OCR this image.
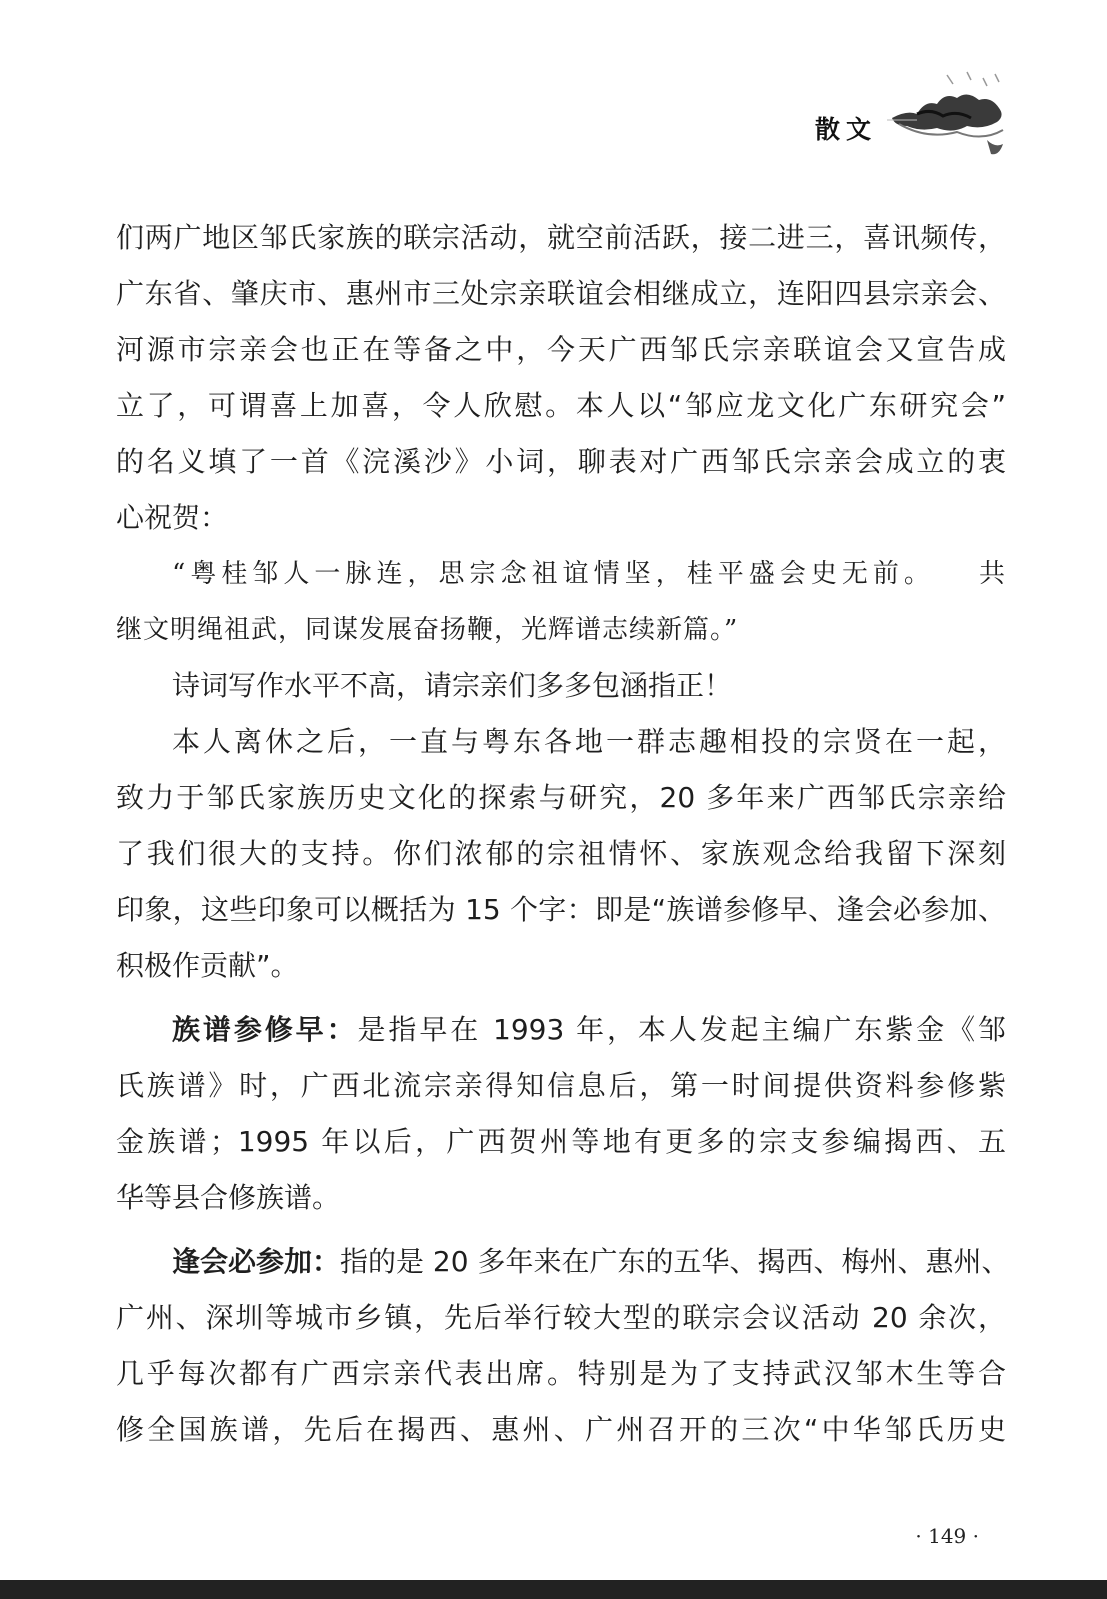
散文
们两广地区邹氏家族的联宗活动，就空前活跃，接二进三，喜讯频传，
广东省、肇庆市、惠州市三处宗亲联谊会相继成立，连阳四县宗亲会、
河源市宗亲会也正在等备之中，今天广西邹氏宗亲联谊会又宣告成
立了，可谓喜上加喜，令人欣慰。本人以“邹应龙文化广东研究会”
的名义填了一首《浣溪沙》小词，聊表对广西邹氏宗亲会成立的衷
心祝贺：
“粤桂邹人一脉连，思宗念祖谊情坚，桂平盛会史无前。 共
继文明绳祖武，同谋发展奋扬鞭，光辉谱志续新篇。”
诗词写作水平不高，请宗亲们多多包涵指正！
本人离休之后，一直与粤东各地一群志趣相投的宗贤在一起，
致力于邹氏家族历史文化的探索与研究，20 多年来广西邹氏宗亲给
了我们很大的支持。你们浓郁的宗祖情怀、家族观念给我留下深刻
印象，这些印象可以概括为 15 个字：即是“族谱参修早、逢会必参加、
积极作贡献”。
族谱参修早：是指早在 1993 年，本人发起主编广东紫金《邹
氏族谱》时，广西北流宗亲得知信息后，第一时间提供资料参修紫
金族谱；1995 年以后，广西贺州等地有更多的宗支参编揭西、五
华等县合修族谱。
逢会必参加：指的是 20 多年来在广东的五华、揭西、梅州、惠州、
广州、深圳等城市乡镇，先后举行较大型的联宗会议活动 20 余次，
几乎每次都有广西宗亲代表出席。特别是为了支持武汉邹木生等合
修全国族谱，先后在揭西、惠州、广州召开的三次“中华邹氏历史
· 149 ·
